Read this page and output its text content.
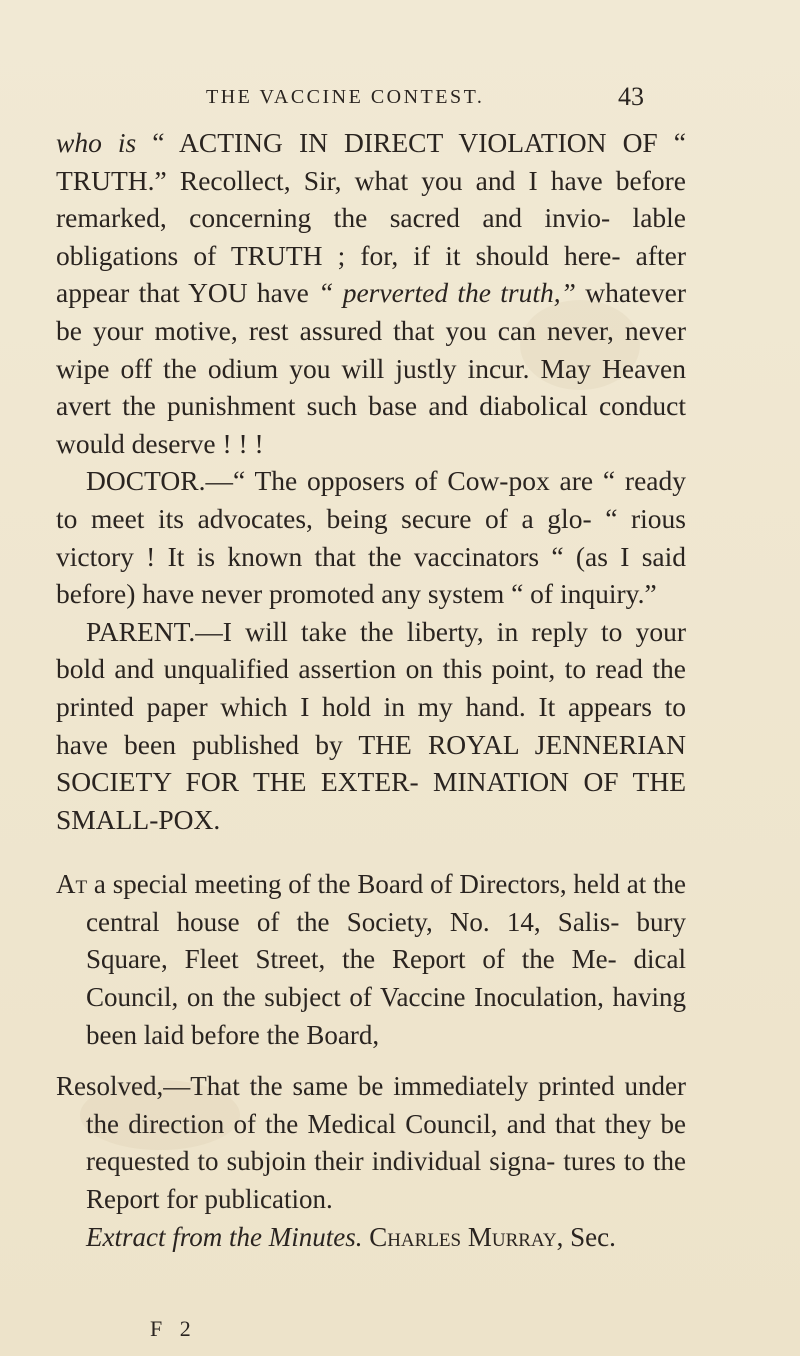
THE VACCINE CONTEST.	43

who is “ ACTING IN DIRECT VIOLATION OF “ TRUTH.” Recollect, Sir, what you and I have before remarked, concerning the sacred and invio- lable obligations of TRUTH ; for, if it should here- after appear that YOU have “ perverted the truth,” whatever be your motive, rest assured that you can never, never wipe off the odium you will justly incur. May Heaven avert the punishment such base and diabolical conduct would deserve ! ! !

DOCTOR.—“ The opposers of Cow-pox are “ ready to meet its advocates, being secure of a glo- “ rious victory ! It is known that the vaccinators “ (as I said before) have never promoted any system “ of inquiry.”

PARENT.—I will take the liberty, in reply to your bold and unqualified assertion on this point, to read the printed paper which I hold in my hand. It appears to have been published by THE ROYAL JENNERIAN SOCIETY FOR THE EXTER- MINATION OF THE SMALL-POX.

At a special meeting of the Board of Directors, held at the central house of the Society, No. 14, Salis- bury Square, Fleet Street, the Report of the Me- dical Council, on the subject of Vaccine Inoculation, having been laid before the Board,

Resolved,—That the same be immediately printed under the direction of the Medical Council, and that they be requested to subjoin their individual signa- tures to the Report for publication.

Extract from the Minutes. Charles Murray, Sec.

F 2
